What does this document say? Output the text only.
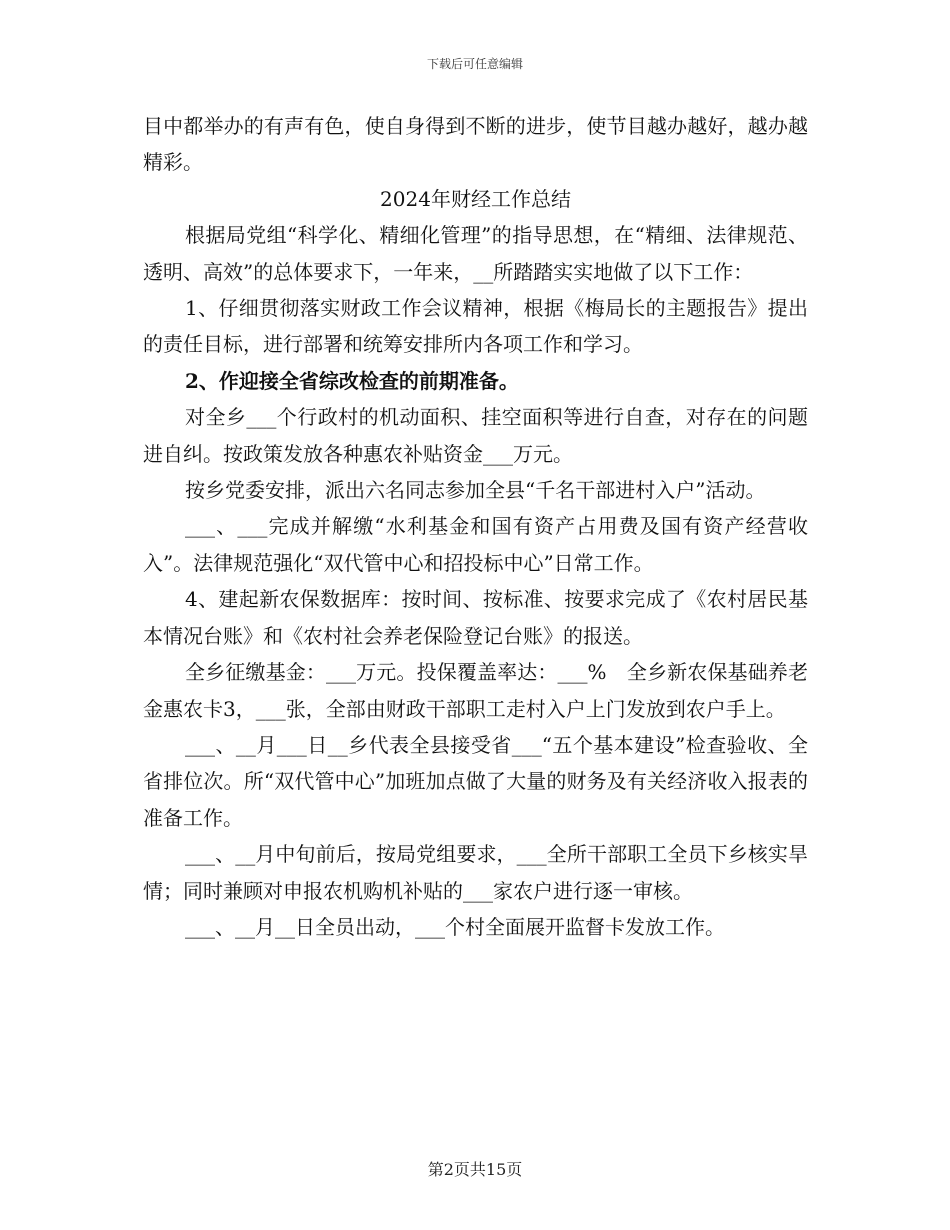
下载后可任意编辑

目中都举办的有声有色，使自身得到不断的进步，使节目越办越好，越办越精彩。

2024年财经工作总结

根据局党组“科学化、精细化管理”的指导思想，在“精细、法律规范、透明、高效”的总体要求下，一年来，__所踏踏实实地做了以下工作：

1、仔细贯彻落实财政工作会议精神，根据《梅局长的主题报告》提出的责任目标，进行部署和统筹安排所内各项工作和学习。

2、作迎接全省综改检查的前期准备。

对全乡___个行政村的机动面积、挂空面积等进行自查，对存在的问题进自纠。按政策发放各种惠农补贴资金___万元。

按乡党委安排，派出六名同志参加全县“千名干部进村入户”活动。

___、___完成并解缴“水利基金和国有资产占用费及国有资产经营收入”。法律规范强化“双代管中心和招投标中心”日常工作。

4、建起新农保数据库：按时间、按标准、按要求完成了《农村居民基本情况台账》和《农村社会养老保险登记台账》的报送。

全乡征缴基金：___万元。投保覆盖率达：___%　全乡新农保基础养老金惠农卡3，___张，全部由财政干部职工走村入户上门发放到农户手上。

___、__月___日__乡代表全县接受省___“五个基本建设”检查验收、全省排位次。所“双代管中心”加班加点做了大量的财务及有关经济收入报表的准备工作。

___、__月中旬前后，按局党组要求，___全所干部职工全员下乡核实旱情；同时兼顾对申报农机购机补贴的___家农户进行逐一审核。

___、__月__日全员出动，___个村全面展开监督卡发放工作。

第2页共15页
